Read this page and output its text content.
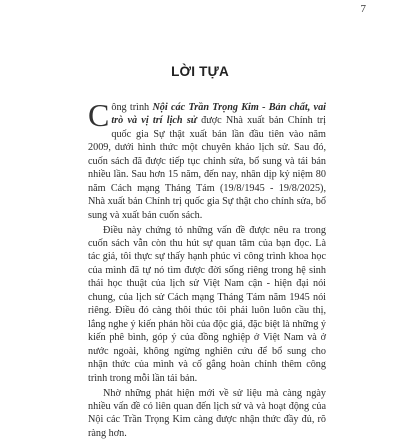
7
LỜI TỰA

Công trình Nội các Trần Trọng Kim - Bản chất, vai trò và vị trí lịch sử được Nhà xuất bản Chính trị quốc gia Sự thật xuất bản lần đầu tiên vào năm 2009, dưới hình thức một chuyên khảo lịch sử. Sau đó, cuốn sách đã được tiếp tục chỉnh sửa, bổ sung và tái bản nhiều lần. Sau hơn 15 năm, đến nay, nhân dịp kỷ niệm 80 năm Cách mạng Tháng Tám (19/8/1945 - 19/8/2025), Nhà xuất bản Chính trị quốc gia Sự thật cho chính sửa, bổ sung và xuất bản cuốn sách.

Điều này chứng tỏ những vấn đề được nêu ra trong cuốn sách vẫn còn thu hút sự quan tâm của bạn đọc. Là tác giả, tôi thực sự thấy hạnh phúc vì công trình khoa học của mình đã tự nó tìm được đời sống riêng trong hệ sinh thái học thuật của lịch sử Việt Nam cận - hiện đại nói chung, của lịch sử Cách mạng Tháng Tám năm 1945 nói riêng. Điều đó càng thôi thúc tôi phải luôn luôn cầu thị, lắng nghe ý kiến phản hồi của độc giả, đặc biệt là những ý kiến phê bình, góp ý của đồng nghiệp ở Việt Nam và ở nước ngoài, không ngừng nghiên cứu để bổ sung cho nhận thức của mình và cố gắng hoàn chỉnh thêm công trình trong mỗi lần tái bản.

Nhờ những phát hiện mới về sử liệu mà càng ngày nhiều vấn đề có liên quan đến lịch sử và và hoạt động của Nội các Trần Trọng Kim càng được nhận thức đầy đủ, rõ ràng hơn.
